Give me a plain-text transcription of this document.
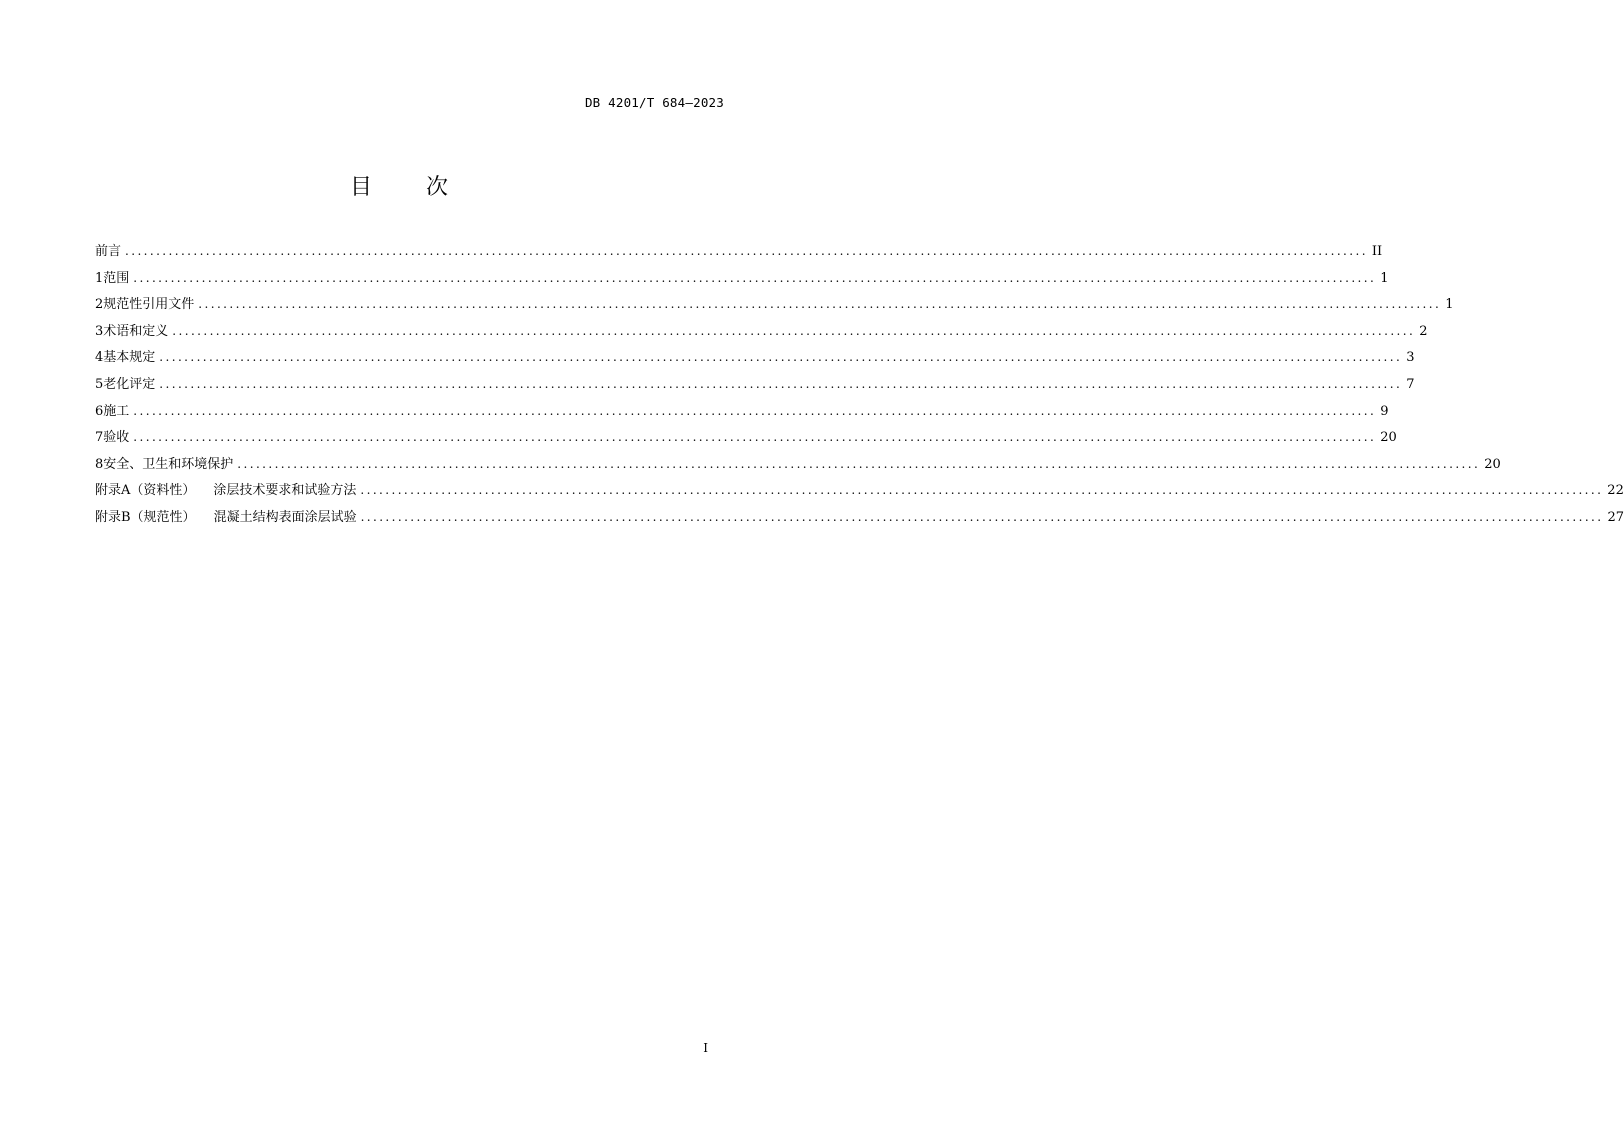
DB 4201/T 684—2023
目 次
前言 ........................................................................................................................................................................................................ II
1 范围 ........................................................................................................................................................................................................ 1
2 规范性引用文件 ........................................................................................................................................................................................................ 1
3 术语和定义 ........................................................................................................................................................................................................ 2
4 基本规定 ........................................................................................................................................................................................................ 3
5 老化评定 ........................................................................................................................................................................................................ 7
6 施工 ........................................................................................................................................................................................................ 9
7 验收 ........................................................................................................................................................................................................ 20
8 安全、卫生和环境保护 ........................................................................................................................................................................................................ 20
附录A（资料性） 涂层技术要求和试验方法 ........................................................................................................................................................................................................ 22
附录B（规范性） 混凝土结构表面涂层试验 ........................................................................................................................................................................................................ 27
I
